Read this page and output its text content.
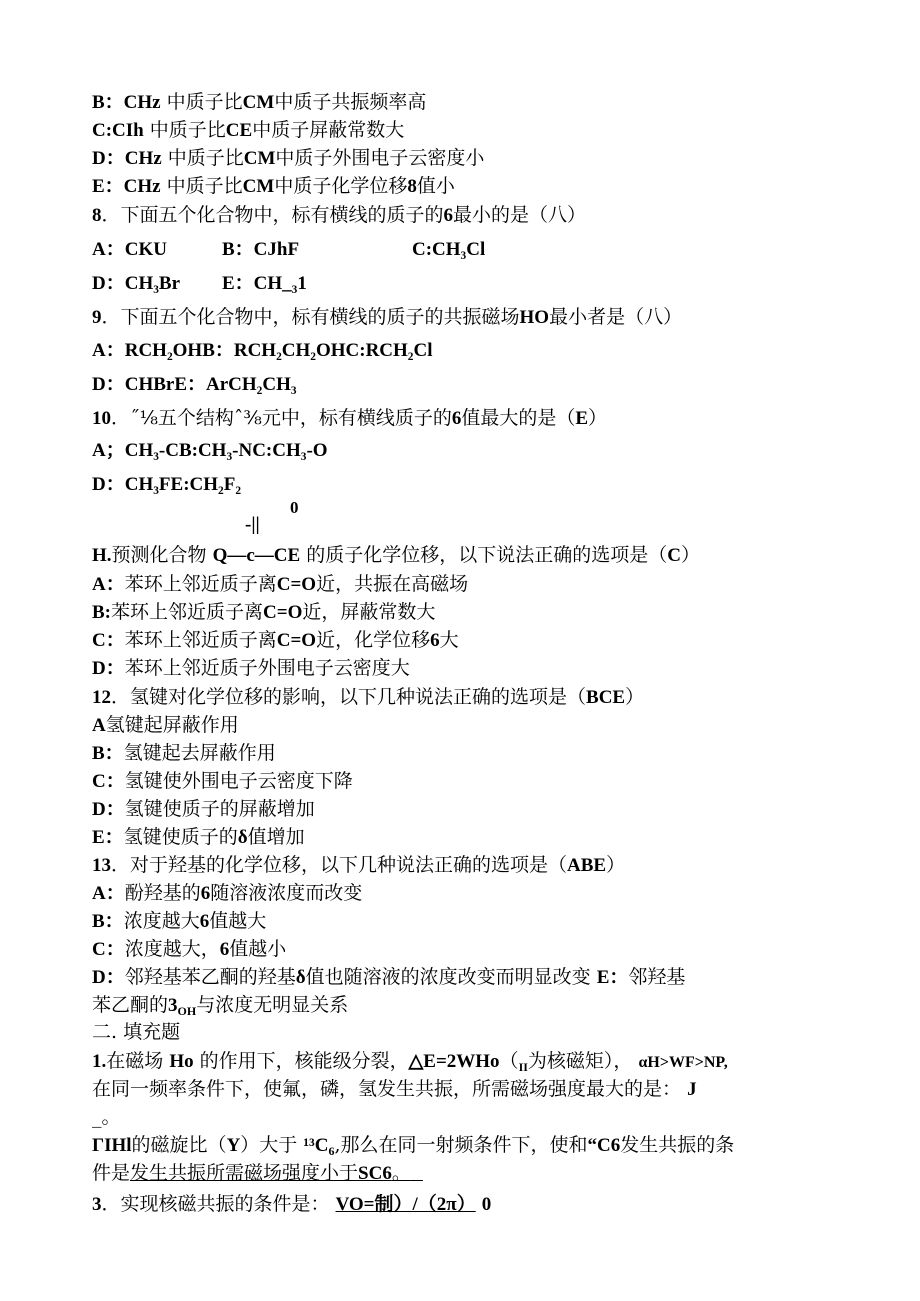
B：CHz 中质子比CM中质子共振频率高
C:CIh 中质子比CE中质子屏蔽常数大
D：CHz 中质子比CM中质子外围电子云密度小
E：CHz 中质子比CM中质子化学位移8值小
8．下面五个化合物中，标有横线的质子的6最小的是（八）
A：CKU	B：CJhF	C:CH₃Cl
D：CH₃Br E：CH_₃1
9．下面五个化合物中，标有横线的质子的共振磁场HO最小者是（八）
A：RCH₂OHB：RCH₂CH₂OHC:RCH₂Cl
D：CHBrE：ArCH₂CH₃
10．˝⅛五个结构ˆ⅜元中，标有横线质子的6值最大的是（E）
A；CH₃-CB:CH₃-NC:CH₃-O
D：CH₃FE:CH₂F₂
0
-||
H.预测化合物 Q—c—CE 的质子化学位移，以下说法正确的选项是（C）
A：苯环上邻近质子离C=O近，共振在高磁场
B:苯环上邻近质子离C=O近，屏蔽常数大
C：苯环上邻近质子离C=O近，化学位移6大
D：苯环上邻近质子外围电子云密度大
12．氢键对化学位移的影响，以下几种说法正确的选项是（BCE）
A氢键起屏蔽作用
B：氢键起去屏蔽作用
C：氢键使外围电子云密度下降
D：氢键使质子的屏蔽增加
E：氢键使质子的δ值增加
13．对于羟基的化学位移，以下几种说法正确的选项是（ABE）
A：酚羟基的6随溶液浓度而改变
B：浓度越大6值越大
C：浓度越大，6值越小
D：邻羟基苯乙酮的羟基δ值也随溶液的浓度改变而明显改变 E：邻羟基
苯乙酮的$3_{OH}$与浓度无明显关系
二. 填充题
1.在磁场 Ho 的作用下，核能级分裂，$\triangle E=2WHo(_{II}$为核磁矩）， αH>WF>NP,
在同一频率条件下，使氟，磷，氢发生共振，所需磁场强度最大的是： J
_。
ΓIHl的磁旋比（Y）大于 $^{13}C_6$,那么在同一射频条件下，使和“C6发生共振的条
件是发生共振所需磁场强度小于SC6。
3．实现核磁共振的条件是： VO=制）/（2π） 0
